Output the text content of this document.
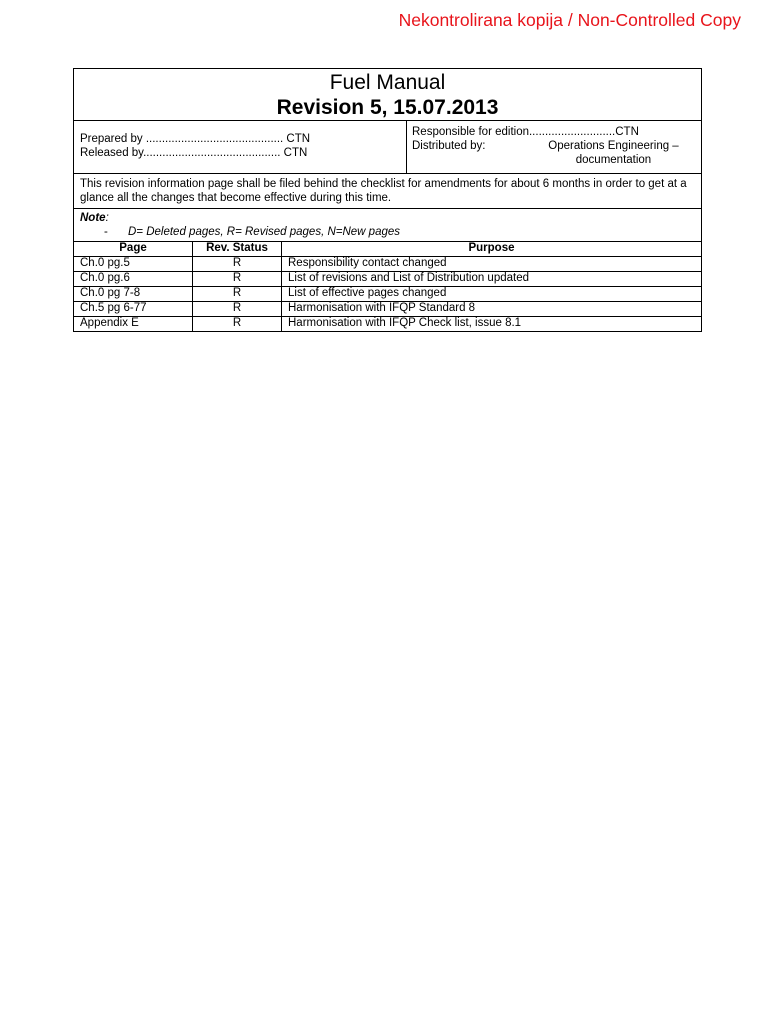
Nekontrolirana kopija / Non-Controlled Copy
Fuel Manual
Revision 5, 15.07.2013
Prepared by ........................................... CTN
Released by........................................... CTN
Responsible for edition...........................CTN
Distributed by:	Operations Engineering – documentation
This revision information page shall be filed behind the checklist for amendments for about 6 months in order to get at a glance all the changes that become effective during this time.
Note:
-	D= Deleted pages, R= Revised pages, N=New pages
Page	Rev. Status	Purpose
Ch.0 pg.5	R	Responsibility contact changed
Ch.0 pg.6	R	List of revisions and List of Distribution updated
Ch.0 pg 7-8	R	List of effective pages changed
Ch.5 pg 6-77	R	Harmonisation with IFQP Standard 8
Appendix E	R	Harmonisation with IFQP Check list, issue 8.1
